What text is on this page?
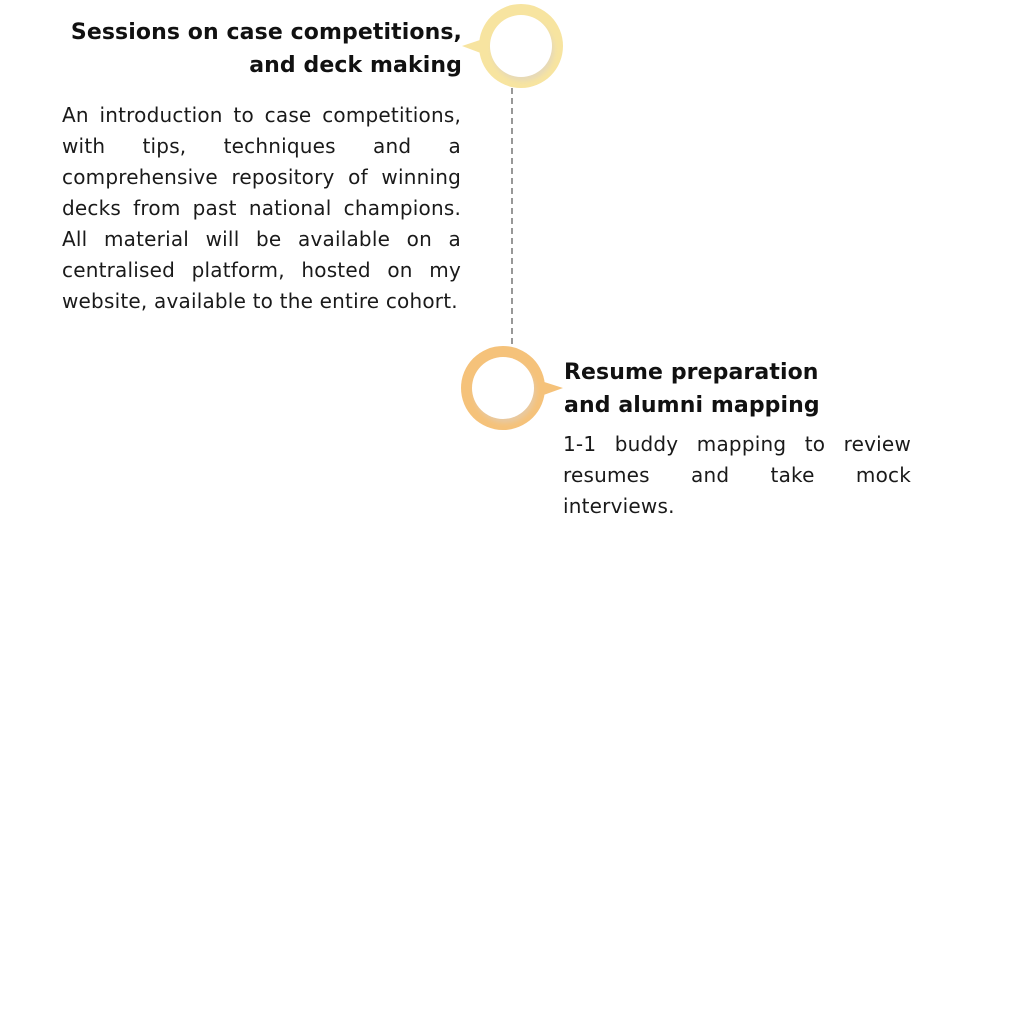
Sessions on case competitions,
and deck making
An introduction to case competitions, with tips, techniques and a comprehensive repository of winning decks from past national champions. All material will be available on a centralised platform, hosted on my website, available to the entire cohort.
Resume preparation
and alumni mapping
1-1 buddy mapping to review resumes and take mock interviews.
